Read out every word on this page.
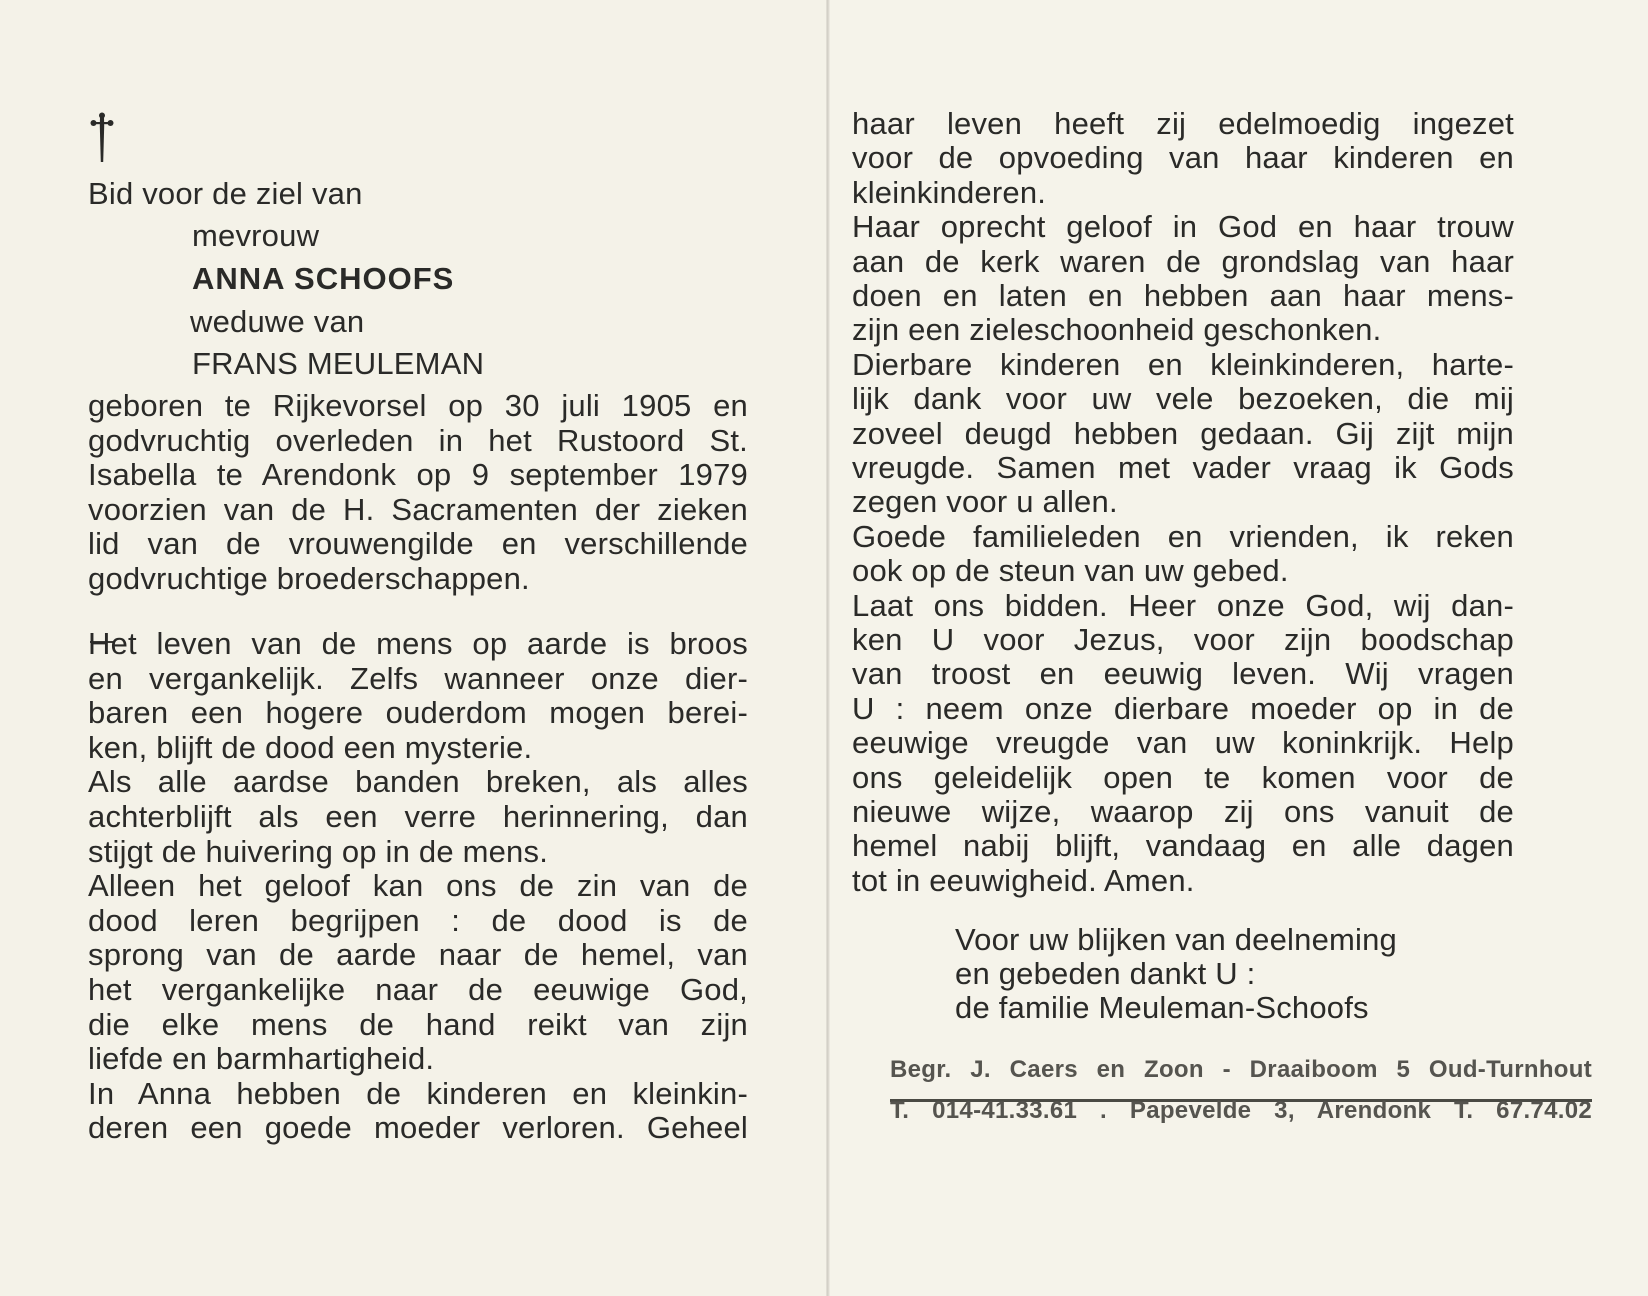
Bid voor de ziel van
mevrouw
ANNA SCHOOFS
weduwe van
FRANS MEULEMAN
geboren te Rijkevorsel op 30 juli 1905 en
godvruchtig overleden in het Rustoord St.
Isabella te Arendonk op 9 september 1979
voorzien van de H. Sacramenten der zieken
lid van de vrouwengilde en verschillende
godvruchtige broederschappen.
Het leven van de mens op aarde is broos
en vergankelijk. Zelfs wanneer onze dier-
baren een hogere ouderdom mogen berei-
ken, blijft de dood een mysterie.
Als alle aardse banden breken, als alles
achterblijft als een verre herinnering, dan
stijgt de huivering op in de mens.
Alleen het geloof kan ons de zin van de
dood leren begrijpen : de dood is de
sprong van de aarde naar de hemel, van
het vergankelijke naar de eeuwige God,
die elke mens de hand reikt van zijn
liefde en barmhartigheid.
In Anna hebben de kinderen en kleinkin-
deren een goede moeder verloren. Geheel
haar leven heeft zij edelmoedig ingezet
voor de opvoeding van haar kinderen en
kleinkinderen.
Haar oprecht geloof in God en haar trouw
aan de kerk waren de grondslag van haar
doen en laten en hebben aan haar mens-
zijn een zieleschoonheid geschonken.
Dierbare kinderen en kleinkinderen, harte-
lijk dank voor uw vele bezoeken, die mij
zoveel deugd hebben gedaan. Gij zijt mijn
vreugde. Samen met vader vraag ik Gods
zegen voor u allen.
Goede familieleden en vrienden, ik reken
ook op de steun van uw gebed.
Laat ons bidden. Heer onze God, wij dan-
ken U voor Jezus, voor zijn boodschap
van troost en eeuwig leven. Wij vragen
U : neem onze dierbare moeder op in de
eeuwige vreugde van uw koninkrijk. Help
ons geleidelijk open te komen voor de
nieuwe wijze, waarop zij ons vanuit de
hemel nabij blijft, vandaag en alle dagen
tot in eeuwigheid. Amen.
Voor uw blijken van deelneming
en gebeden dankt U :
de familie Meuleman-Schoofs
Begr. J. Caers en Zoon - Draaiboom 5 Oud-Turnhout
T. 014-41.33.61 . Papevelde 3, Arendonk T. 67.74.02
